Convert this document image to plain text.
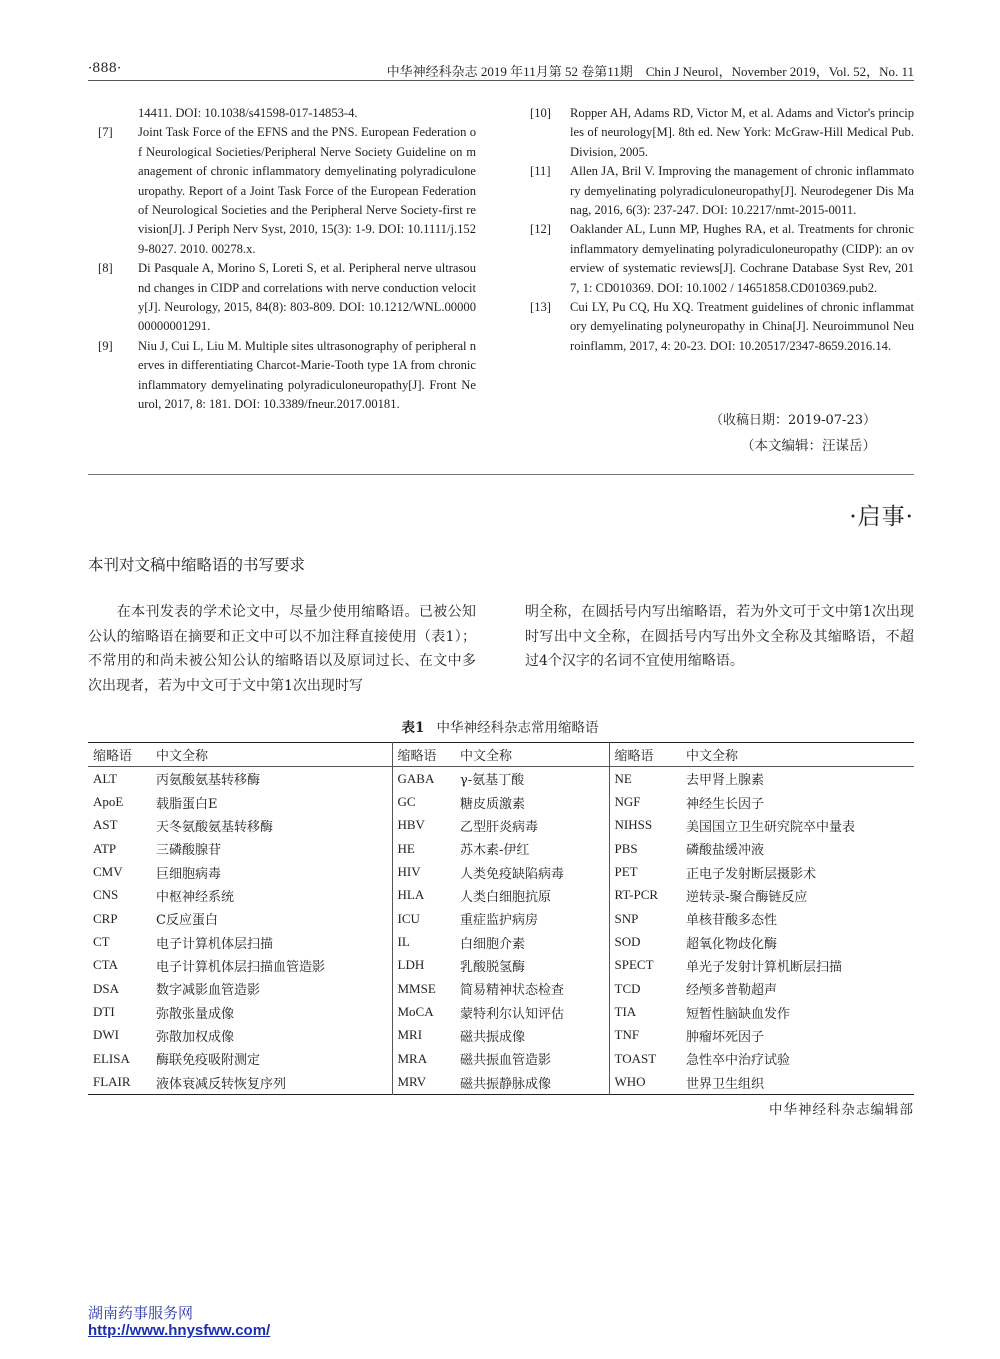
·888·	中华神经科杂志 2019 年11月第 52 卷第11期　Chin J Neurol，November 2019，Vol. 52，No. 11
14411. DOI: 10.1038/s41598-017-14853-4.
[7]	Joint Task Force of the EFNS and the PNS. European Federation of Neurological Societies/Peripheral Nerve Society Guideline on management of chronic inflammatory demyelinating polyradiculoneuropathy. Report of a Joint Task Force of the European Federation of Neurological Societies and the Peripheral Nerve Society-first revision[J]. J Periph Nerv Syst, 2010, 15(3): 1-9. DOI: 10.1111/j.1529-8027. 2010. 00278.x.
[8]	Di Pasquale A, Morino S, Loreti S, et al. Peripheral nerve ultrasound changes in CIDP and correlations with nerve conduction velocity[J]. Neurology, 2015, 84(8): 803-809. DOI: 10.1212/WNL.0000000000001291.
[9]	Niu J, Cui L, Liu M. Multiple sites ultrasonography of peripheral nerves in differentiating Charcot-Marie-Tooth type 1A from chronic inflammatory demyelinating polyradiculoneuropathy[J]. Front Neurol, 2017, 8: 181. DOI: 10.3389/fneur.2017.00181.
[10]	Ropper AH, Adams RD, Victor M, et al. Adams and Victor's principles of neurology[M]. 8th ed. New York: McGraw-Hill Medical Pub. Division, 2005.
[11]	Allen JA, Bril V. Improving the management of chronic inflammatory demyelinating polyradiculoneuropathy[J]. Neurodegener Dis Manag, 2016, 6(3): 237-247. DOI: 10.2217/nmt-2015-0011.
[12]	Oaklander AL, Lunn MP, Hughes RA, et al. Treatments for chronic inflammatory demyelinating polyradiculoneuropathy (CIDP): an overview of systematic reviews[J]. Cochrane Database Syst Rev, 2017, 1: CD010369. DOI: 10.1002 / 14651858.CD010369.pub2.
[13]	Cui LY, Pu CQ, Hu XQ. Treatment guidelines of chronic inflammatory demyelinating polyneuropathy in China[J]. Neuroimmunol Neuroinflamm, 2017, 4: 20-23. DOI: 10.20517/2347-8659.2016.14.
（收稿日期：2019-07-23）
（本文编辑：汪谋岳）
·启事·
本刊对文稿中缩略语的书写要求
　　在本刊发表的学术论文中，尽量少使用缩略语。已被公知公认的缩略语在摘要和正文中可以不加注释直接使用（表1）；不常用的和尚未被公知公认的缩略语以及原词过长、在文中多次出现者，若为中文可于文中第1次出现时写
明全称，在圆括号内写出缩略语，若为外文可于文中第1次出现时写出中文全称，在圆括号内写出外文全称及其缩略语，不超过4个汉字的名词不宜使用缩略语。
表1 中华神经科杂志常用缩略语
缩略语	中文全称	缩略语	中文全称	缩略语	中文全称
ALT	丙氨酸氨基转移酶	GABA	γ-氨基丁酸	NE	去甲肾上腺素
ApoE	载脂蛋白E	GC	糖皮质激素	NGF	神经生长因子
AST	天冬氨酸氨基转移酶	HBV	乙型肝炎病毒	NIHSS	美国国立卫生研究院卒中量表
ATP	三磷酸腺苷	HE	苏木素-伊红	PBS	磷酸盐缓冲液
CMV	巨细胞病毒	HIV	人类免疫缺陷病毒	PET	正电子发射断层摄影术
CNS	中枢神经系统	HLA	人类白细胞抗原	RT-PCR	逆转录-聚合酶链反应
CRP	C反应蛋白	ICU	重症监护病房	SNP	单核苷酸多态性
CT	电子计算机体层扫描	IL	白细胞介素	SOD	超氧化物歧化酶
CTA	电子计算机体层扫描血管造影	LDH	乳酸脱氢酶	SPECT	单光子发射计算机断层扫描
DSA	数字减影血管造影	MMSE	简易精神状态检查	TCD	经颅多普勒超声
DTI	弥散张量成像	MoCA	蒙特利尔认知评估	TIA	短暂性脑缺血发作
DWI	弥散加权成像	MRI	磁共振成像	TNF	肿瘤坏死因子
ELISA	酶联免疫吸附测定	MRA	磁共振血管造影	TOAST	急性卒中治疗试验
FLAIR	液体衰减反转恢复序列	MRV	磁共振静脉成像	WHO	世界卫生组织
中华神经科杂志编辑部
湖南药事服务网
http://www.hnysfww.com/
